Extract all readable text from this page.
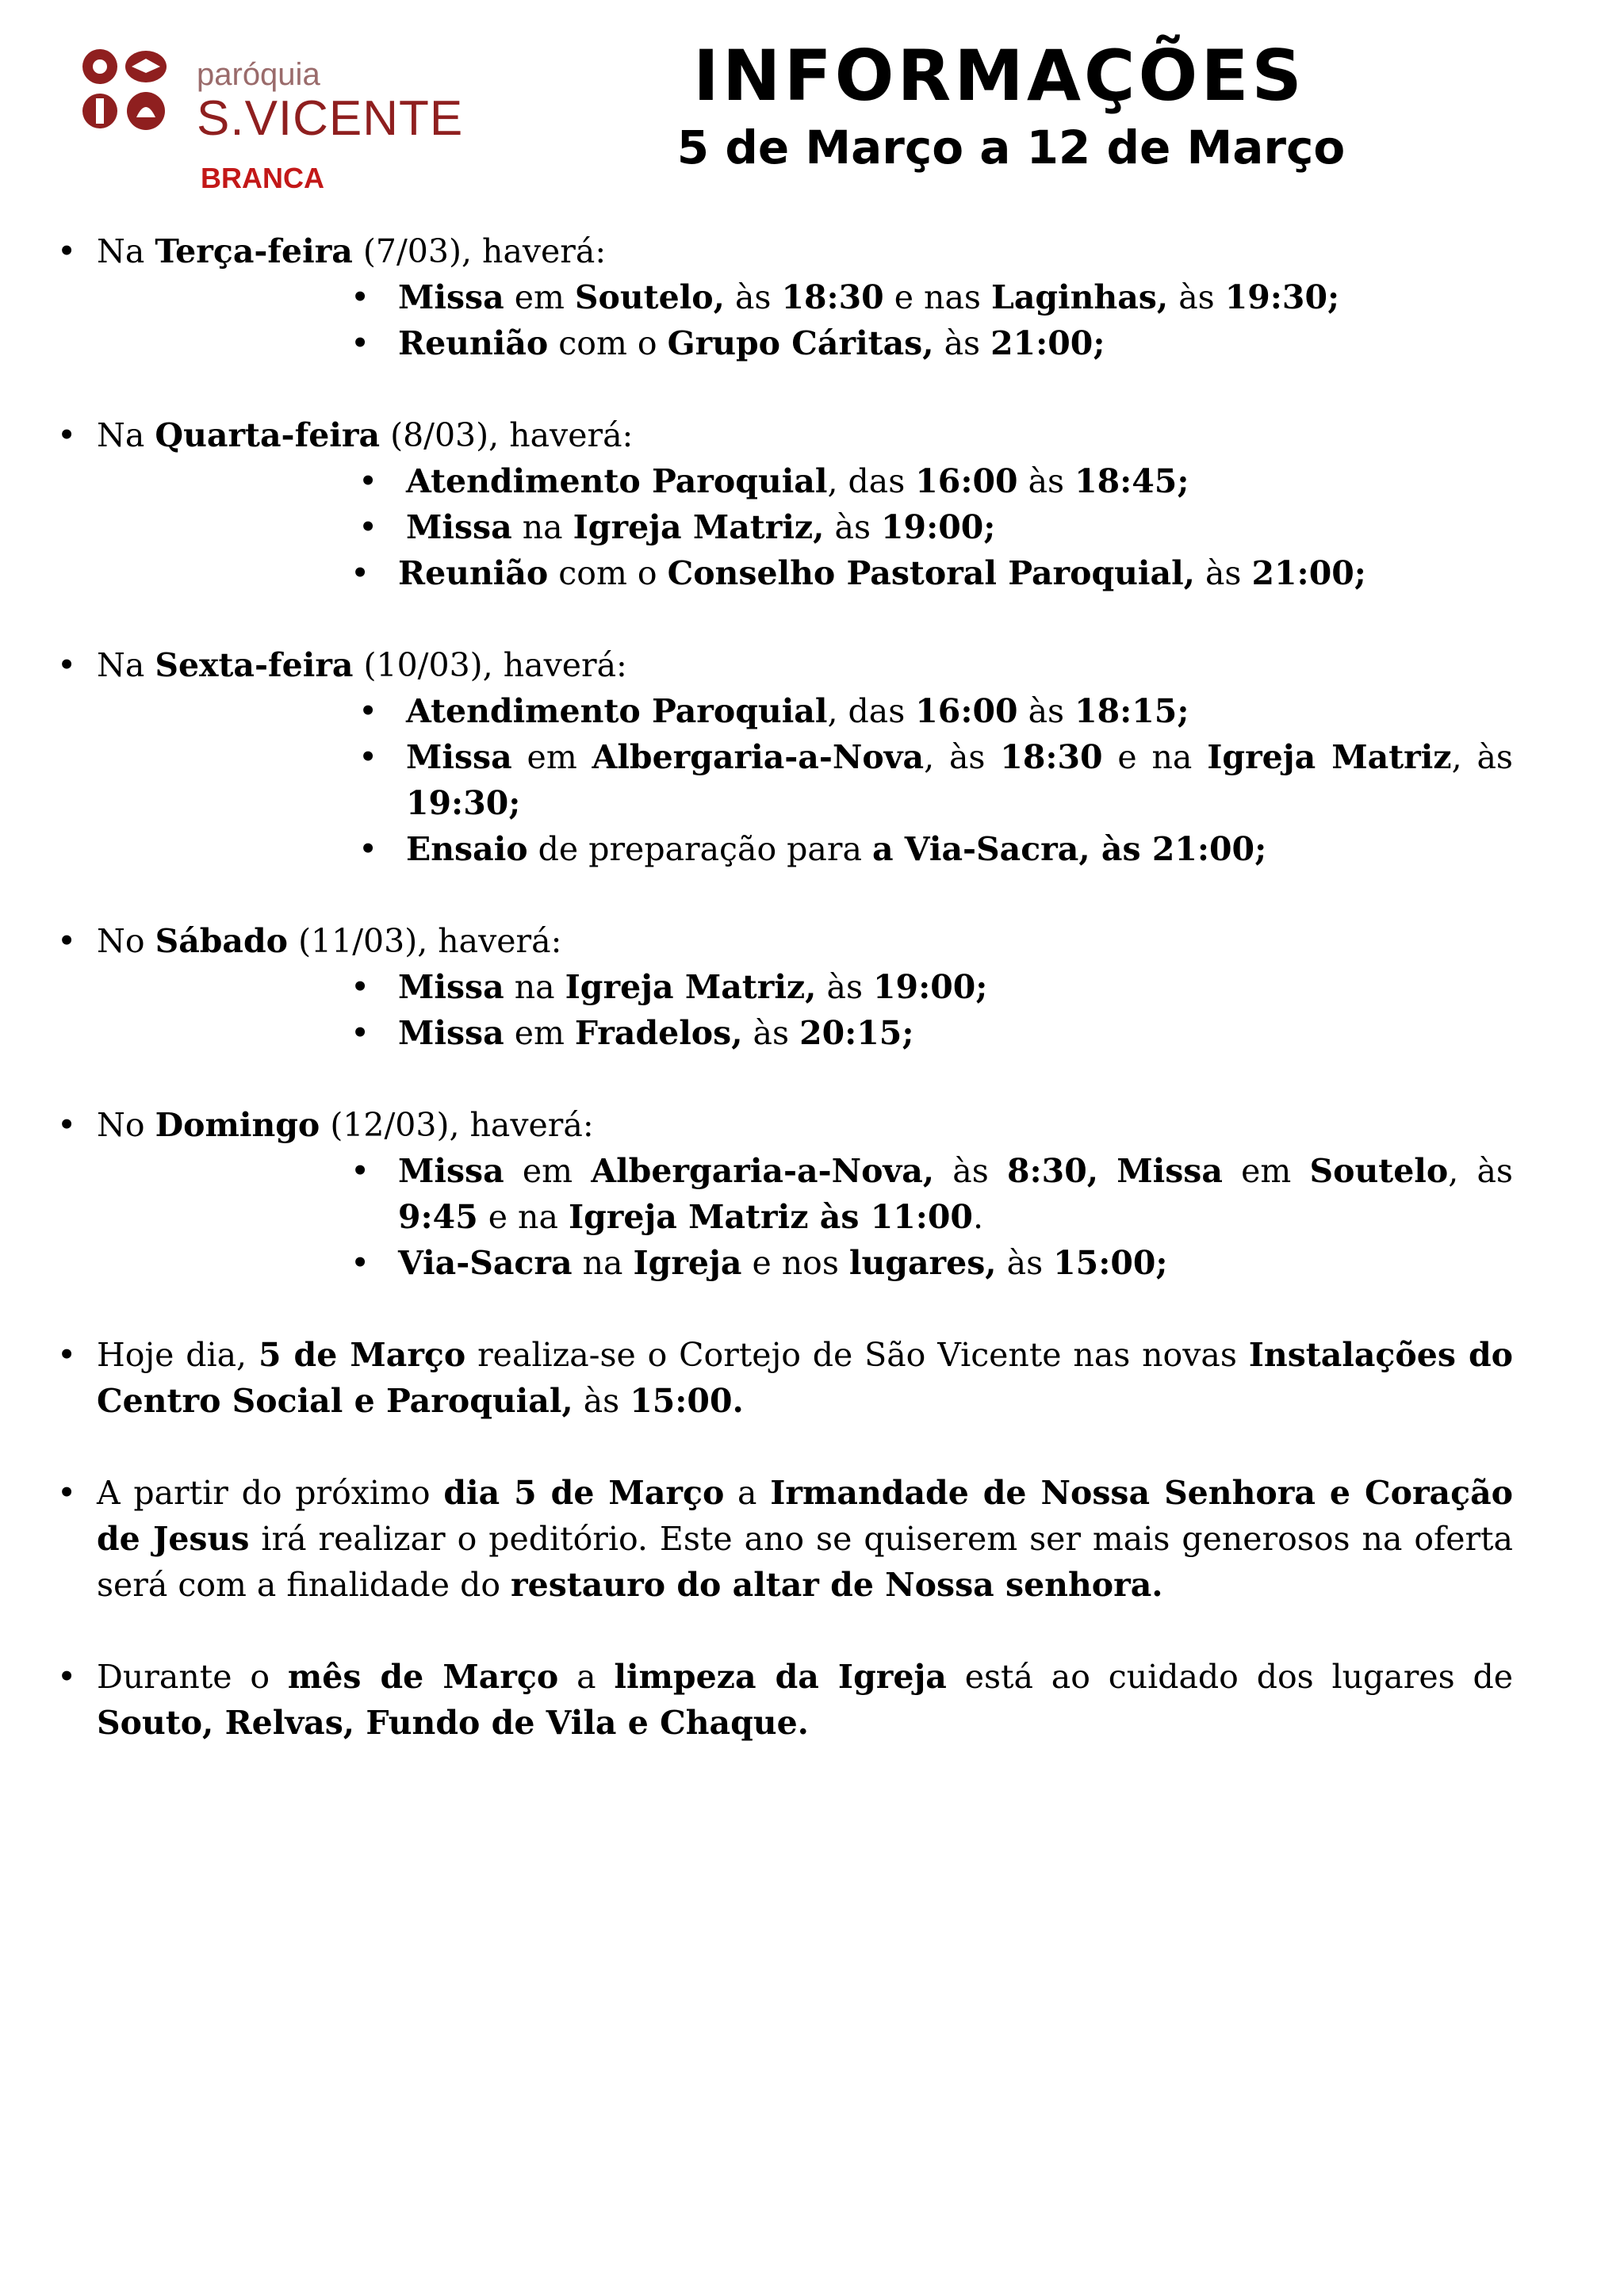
paróquia
S.VICENTE
BRANCA
INFORMAÇÕES
5 de Março a 12 de Março
• Na Terça-feira (7/03), haverá:
• Missa em Soutelo, às 18:30 e nas Laginhas, às 19:30;
• Reunião com o Grupo Cáritas, às 21:00;
• Na Quarta-feira (8/03), haverá:
• Atendimento Paroquial, das 16:00 às 18:45;
• Missa na Igreja Matriz, às 19:00;
• Reunião com o Conselho Pastoral Paroquial, às 21:00;
• Na Sexta-feira (10/03), haverá:
• Atendimento Paroquial, das 16:00 às 18:15;
• Missa em Albergaria-a-Nova, às 18:30 e na Igreja Matriz, às 19:30;
• Ensaio de preparação para a Via-Sacra, às 21:00;
• No Sábado (11/03), haverá:
• Missa na Igreja Matriz, às 19:00;
• Missa em Fradelos, às 20:15;
• No Domingo (12/03), haverá:
• Missa em Albergaria-a-Nova, às 8:30, Missa em Soutelo, às 9:45 e na Igreja Matriz às 11:00.
• Via-Sacra na Igreja e nos lugares, às 15:00;
• Hoje dia, 5 de Março realiza-se o Cortejo de São Vicente nas novas Instalações do Centro Social e Paroquial, às 15:00.
• A partir do próximo dia 5 de Março a Irmandade de Nossa Senhora e Coração de Jesus irá realizar o peditório. Este ano se quiserem ser mais generosos na oferta será com a finalidade do restauro do altar de Nossa senhora.
• Durante o mês de Março a limpeza da Igreja está ao cuidado dos lugares de Souto, Relvas, Fundo de Vila e Chaque.
